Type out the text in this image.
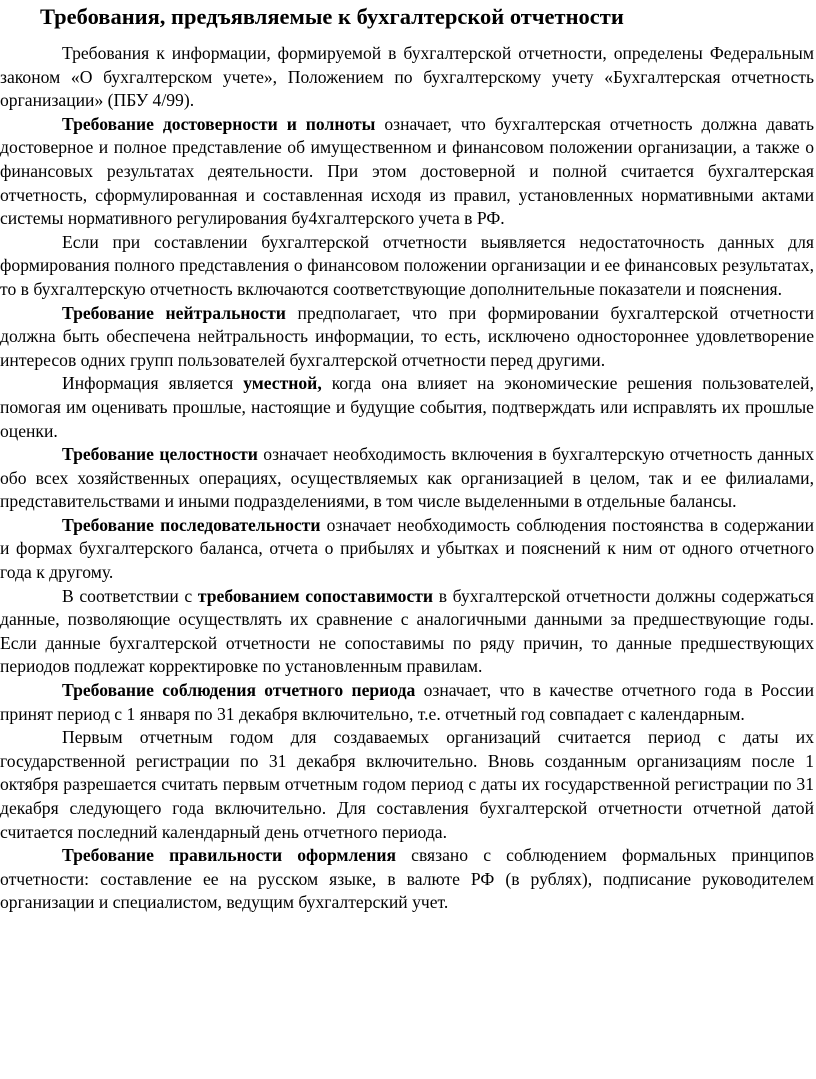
Требования, предъявляемые к бухгалтерской отчетности

Требования к информации, формируемой в бухгалтерской отчетности, определены Федеральным законом «О бухгалтерском учете», Положением по бухгалтерскому учету «Бухгалтерская отчетность организации» (ПБУ 4/99).

Требование достоверности и полноты означает, что бухгалтерская отчетность должна давать достоверное и полное представление об имущественном и финансовом положении организации, а также о финансовых результатах деятельности. При этом достоверной и полной считается бухгалтерская отчетность, сформулированная и составленная исходя из правил, установленных нормативными актами системы нормативного регулирования бу4хгалтерского учета в РФ.

Если при составлении бухгалтерской отчетности выявляется недостаточность данных для формирования полного представления о финансовом положении организации и ее финансовых результатах, то в бухгалтерскую отчетность включаются соответствующие дополнительные показатели и пояснения.

Требование нейтральности предполагает, что при формировании бухгалтерской отчетности должна быть обеспечена нейтральность информации, то есть, исключено одностороннее удовлетворение интересов одних групп пользователей бухгалтерской отчетности перед другими.

Информация является уместной, когда она влияет на экономические решения пользователей, помогая им оценивать прошлые, настоящие и будущие события, подтверждать или исправлять их прошлые оценки.

Требование целостности означает необходимость включения в бухгалтерскую отчетность данных обо всех хозяйственных операциях, осуществляемых как организацией в целом, так и ее филиалами, представительствами и иными подразделениями, в том числе выделенными в отдельные балансы.

Требование последовательности означает необходимость соблюдения постоянства в содержании и формах бухгалтерского баланса, отчета о прибылях и убытках и пояснений к ним от одного отчетного года к другому.

В соответствии с требованием сопоставимости в бухгалтерской отчетности должны содержаться данные, позволяющие осуществлять их сравнение с аналогичными данными за предшествующие годы. Если данные бухгалтерской отчетности не сопоставимы по ряду причин, то данные предшествующих периодов подлежат корректировке по установленным правилам.

Требование соблюдения отчетного периода означает, что в качестве отчетного года в России принят период с 1 января по 31 декабря включительно, т.е. отчетный год совпадает с календарным.

Первым отчетным годом для создаваемых организаций считается период с даты их государственной регистрации по 31 декабря включительно. Вновь созданным организациям после 1 октября разрешается считать первым отчетным годом период с даты их государственной регистрации по 31 декабря следующего года включительно. Для составления бухгалтерской отчетности отчетной датой считается последний календарный день отчетного периода.

Требование правильности оформления связано с соблюдением формальных принципов отчетности: составление ее на русском языке, в валюте РФ (в рублях), подписание руководителем организации и специалистом, ведущим бухгалтерский учет.
